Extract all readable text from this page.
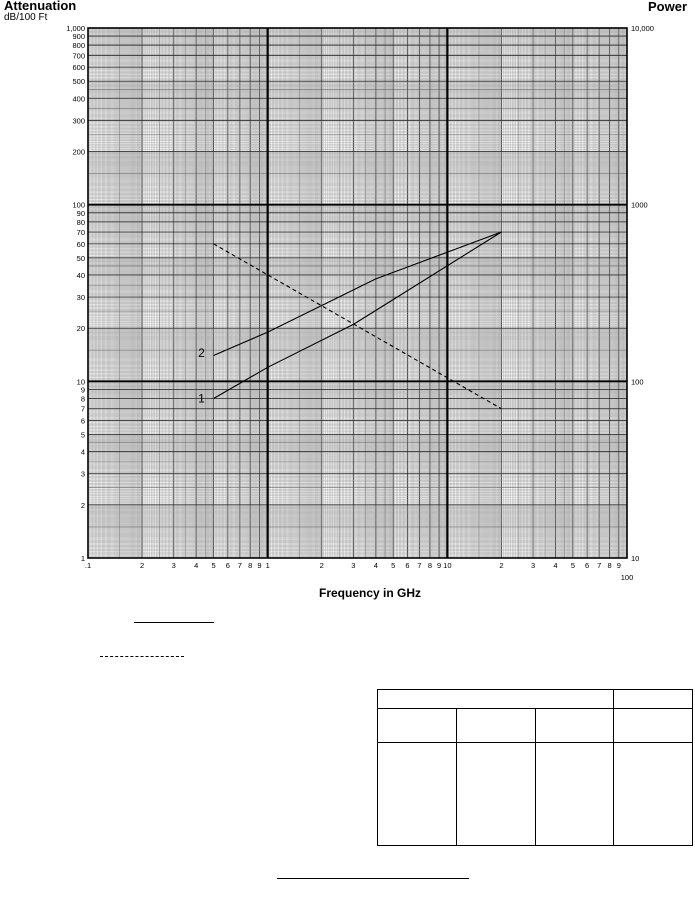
Attenuation
dB/100 Ft
Power
.1	2	3 4 5 6 7 8 9 1	2	3 4 5 6 7 8 9 10	2	3 4 5 6 7 8 9
100
1
2
3
4
5
6
7
8
9
10
20
30
40
50
60
70
80
90
100
200
300
400
500
600
700
800
900
1,000
10
100
1000
10,000
1
2
Frequency in GHz
